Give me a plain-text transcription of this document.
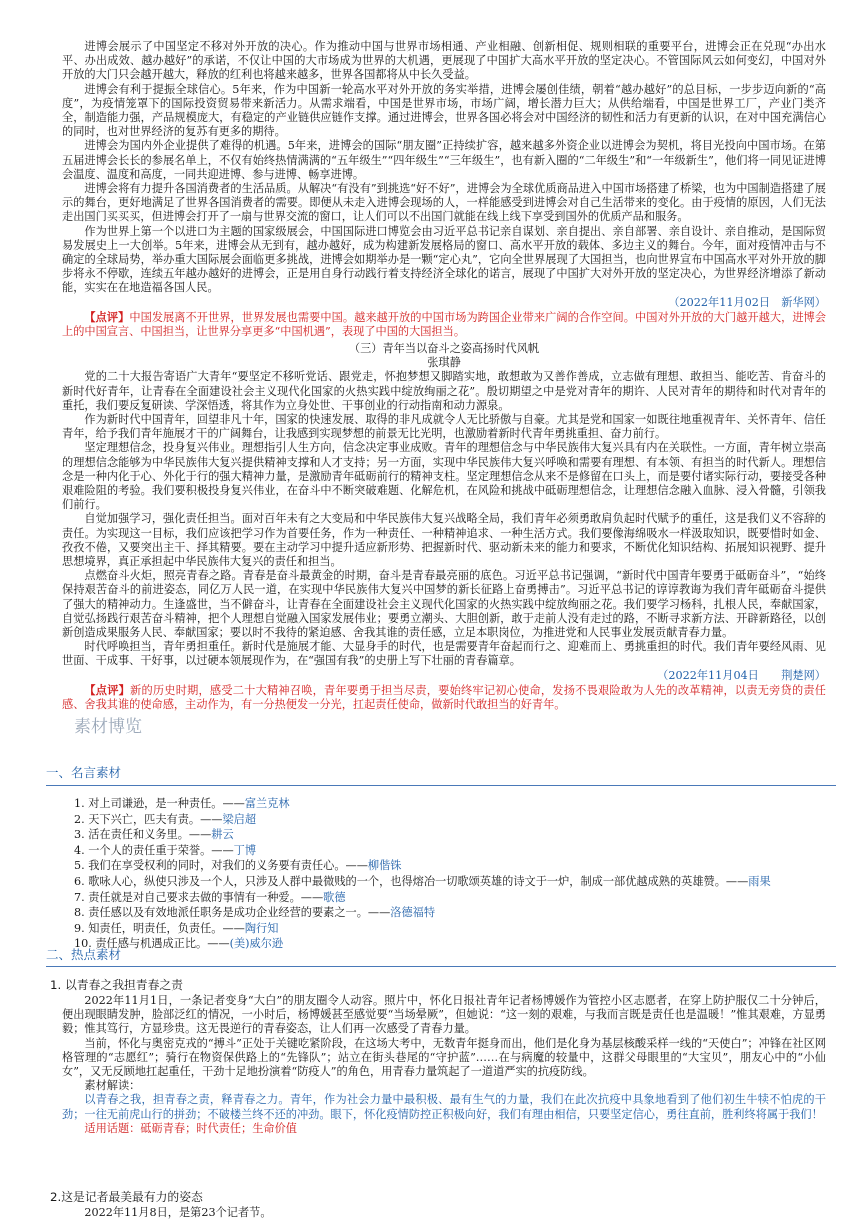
进博会展示了中国坚定不移对外开放的决心。作为推动中国与世界市场相通、产业相融、创新相促、规则相联的重要平台，进博会正在兑现“办出水平、办出成效、越办越好”的承诺，不仅让中国的大市场成为世界的大机遇，更展现了中国扩大高水平开放的坚定决心。不管国际风云如何变幻，中国对外开放的大门只会越开越大，释放的红利也将越来越多，世界各国都将从中长久受益。

进博会有利于提振全球信心。5年来，作为中国新一轮高水平对外开放的务实举措，进博会屡创佳绩，朝着“越办越好”的总目标，一步步迈向新的“高度”，为疫情笼罩下的国际投资贸易带来新活力。从需求端看，中国是世界市场，市场广阔，增长潜力巨大；从供给端看，中国是世界工厂，产业门类齐全，制造能力强，产品规模庞大，有稳定的产业链供应链作支撑。通过进博会，世界各国必将会对中国经济的韧性和活力有更新的认识，在对中国充满信心的同时，也对世界经济的复苏有更多的期待。

进博会为国内外企业提供了难得的机遇。5年来，进博会的国际“朋友圈”正持续扩容，越来越多外资企业以进博会为契机，将目光投向中国市场。在第五届进博会长长的参展名单上，不仅有始终热情满满的“五年级生”“四年级生”“三年级生”，也有新入圈的“二年级生”和“一年级新生”，他们将一同见证进博会温度、温度和高度，一同共迎进博、参与进博、畅享进博。

进博会将有力提升各国消费者的生活品质。从解决“有没有”到挑选“好不好”，进博会为全球优质商品进入中国市场搭建了桥梁，也为中国制造搭建了展示的舞台，更好地满足了世界各国消费者的需要。即便从未走入进博会现场的人，一样能感受到进博会对自己生活带来的变化。由于疫情的原因，人们无法走出国门买买买，但进博会打开了一扇与世界交流的窗口，让人们可以不出国门就能在线上线下享受到国外的优质产品和服务。

作为世界上第一个以进口为主题的国家级展会，中国国际进口博览会由习近平总书记亲自谋划、亲自提出、亲自部署、亲自设计、亲自推动，是国际贸易发展史上一大创举。5年来，进博会从无到有，越办越好，成为构建新发展格局的窗口、高水平开放的载体、多边主义的舞台。今年，面对疫情冲击与不确定的全球局势，举办重大国际展会面临更多挑战，进博会如期举办是一颗“定心丸”，它向全世界展现了大国担当，也向世界宣布中国高水平对外开放的脚步将永不停歇，连续五年越办越好的进博会，正是用自身行动践行着支持经济全球化的诺言，展现了中国扩大对外开放的坚定决心，为世界经济增添了新动能，实实在在地造福各国人民。

（2022年11月02日　新华网）

【点评】中国发展离不开世界，世界发展也需要中国。越来越开放的中国市场为跨国企业带来广阔的合作空间。中国对外开放的大门越开越大，进博会上的中国宣言、中国担当，让世界分享更多“中国机遇”，表现了中国的大国担当。

（三）青年当以奋斗之姿高扬时代风帆

张琪静

党的二十大报告寄语广大青年“要坚定不移听党话、跟党走，怀抱梦想又脚踏实地，敢想敢为又善作善成，立志做有理想、敢担当、能吃苦、肯奋斗的新时代好青年，让青春在全面建设社会主义现代化国家的火热实践中绽放绚丽之花”。殷切期望之中是党对青年的期许、人民对青年的期待和时代对青年的重托，我们要反复研读、学深悟透，将其作为立身处世、干事创业的行动指南和动力源泉。

作为新时代中国青年，回望非凡十年，国家的快速发展、取得的非凡成就令人无比骄傲与自豪。尤其是党和国家一如既往地重视青年、关怀青年、信任青年，给予我们青年施展才干的广阔舞台，让我感到实现梦想的前景无比光明，也激励着新时代青年勇挑重担、奋力前行。

坚定理想信念，投身复兴伟业。理想指引人生方向，信念决定事业成败。青年的理想信念与中华民族伟大复兴具有内在关联性。一方面，青年树立崇高的理想信念能够为中华民族伟大复兴提供精神支撑和人才支持；另一方面，实现中华民族伟大复兴呼唤和需要有理想、有本领、有担当的时代新人。理想信念是一种内化于心、外化于行的强大精神力量，是激励青年砥砺前行的精神支柱。坚定理想信念从来不是修留在口头上，而是要付诸实际行动，要接受各种艰难险阻的考验。我们要积极投身复兴伟业，在奋斗中不断突破难题、化解危机，在风险和挑战中砥砺理想信念，让理想信念融入血脉、浸入骨髓，引领我们前行。

自觉加强学习，强化责任担当。面对百年未有之大变局和中华民族伟大复兴战略全局，我们青年必须勇敢肩负起时代赋予的重任，这是我们义不容辞的责任。为实现这一目标，我们应该把学习作为首要任务，作为一种责任、一种精神追求、一种生活方式。我们要像海绵吸水一样汲取知识，既要惜时如金、孜孜不倦，又要突出主干、择其精要。要在主动学习中提升适应新形势、把握新时代、驱动新未来的能力和要求，不断优化知识结构、拓展知识视野、提升思想境界，真正承担起中华民族伟大复兴的责任和担当。

点燃奋斗火炬，照亮青春之路。青春是奋斗最黄金的时期，奋斗是青春最亮丽的底色。习近平总书记强调，“新时代中国青年要勇于砥砺奋斗”，“始终保持艰苦奋斗的前进姿态，同亿万人民一道，在实现中华民族伟大复兴中国梦的新长征路上奋勇搏击”。习近平总书记的谆谆教诲为我们青年砥砺奋斗提供了强大的精神动力。生逢盛世，当不僻奋斗，让青春在全面建设社会主义现代化国家的火热实践中绽放绚丽之花。我们要学习杨科，扎根人民，奉献国家，自觉弘扬践行艰苦奋斗精神，把个人理想自觉融入国家发展伟业；要勇立潮头、大胆创新，敢于走前人没有走过的路，不断寻求新方法、开辟新路径，以创新创造成果服务人民、奉献国家；要以时不我待的紧迫感、舍我其谁的责任感，立足本职岗位，为推进党和人民事业发展贡献青春力量。

时代呼唤担当，青年勇担重任。新时代是施展才能、大显身手的时代，也是需要青年奋起而行之、迎难而上、勇挑重担的时代。我们青年要经风雨、见世面、干成事、干好事，以过硬本领展现作为，在“强国有我”的史册上写下壮丽的青春篇章。

（2022年11月04日　　荆楚网）

【点评】新的历史时期，感受二十大精神召唤，青年要勇于担当尽责，要始终牢记初心使命，发扬不畏艰险敢为人先的改革精神，以责无旁贷的责任感、舍我其谁的使命感，主动作为，有一分热便发一分光，扛起责任使命，做新时代敢担当的好青年。

素材博览
一、名言素材

1. 对上司谦逊，是一种责任。——富兰克林

2. 天下兴亡，匹夫有责。——梁启超

3. 活在责任和义务里。——耕云

4. 一个人的责任重于荣誉。——丁博

5. 我们在享受权利的同时，对我们的义务要有责任心。——柳偕铢

6. 歌咏人心，纵使只涉及一个人，只涉及人群中最微贱的一个，也得熔冶一切歌颂英雄的诗文于一炉，制成一部优越成熟的英雄赞。——雨果

7. 责任就是对自己要求去做的事情有一种爱。——歌德

8. 责任感以及有效地派任职务是成功企业经营的要素之一。——洛德福特

9. 知责任，明责任，负责任。——陶行知

10. 责任感与机遇成正比。——(美)威尔逊

二、热点素材

1. 以青春之我担青春之责

2022年11月1日，一条记者变身“大白”的朋友圈令人动容。照片中，怀化日报社青年记者杨博媛作为管控小区志愿者，在穿上防护服仅二十分钟后，便出现眼睛发肿，脸部泛红的情况，一小时后，杨博媛甚至感觉要“当场晕厥”，但她说：“这一刻的艰难，与我而言既是责任也是温暖！”惟其艰难，方显勇毅；惟其笃行，方显珍贵。这无畏逆行的青春姿态，让人们再一次感受了青春力量。

当前，怀化与奥密克戎的“搏斗”正处于关键吃紧阶段，在这场大考中，无数青年挺身而出，他们是化身为基层核酸采样一线的“天使白”；冲锋在社区网格管理的“志愿红”；骑行在物资保供路上的“先锋队”；站立在街头巷尾的“守护蓝”……在与病魔的较量中，这群父母眼里的“大宝贝”，朋友心中的“小仙女”，又无反顾地扛起重任，干劲十足地扮演着“防疫人”的角色，用青春力量筑起了一道道严实的抗疫防线。

素材解读：

以青春之我，担青春之责，释青春之力。青年，作为社会力量中最积极、最有生气的力量，我们在此次抗疫中具象地看到了他们初生牛犊不怕虎的干劲；一往无前虎山行的拼劲；不破楼兰终不还的冲劲。眼下，怀化疫情防控正积极向好，我们有理由相信，只要坚定信心，勇往直前，胜利终将属于我们！

适用话题：砥砺青春；时代责任；生命价值

2.这是记者最美最有力的姿态

2022年11月8日，是第23个记者节。
